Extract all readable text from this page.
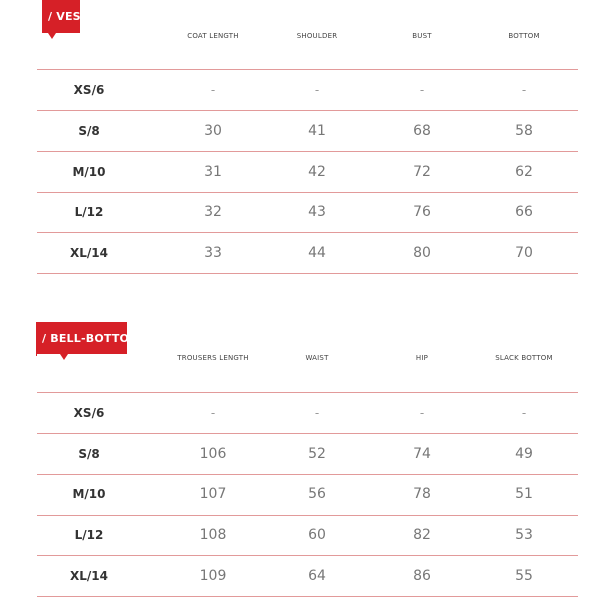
/ VEST
COAT LENGTH	SHOULDER	BUST	BOTTOM
XS/6	-	-	-	-
S/8	30	41	68	58
M/10	31	42	72	62
L/12	32	43	76	66
XL/14	33	44	80	70
/ BELL-BOTTOMS
TROUSERS LENGTH	WAIST	HIP	SLACK BOTTOM
XS/6	-	-	-	-
S/8	106	52	74	49
M/10	107	56	78	51
L/12	108	60	82	53
XL/14	109	64	86	55
